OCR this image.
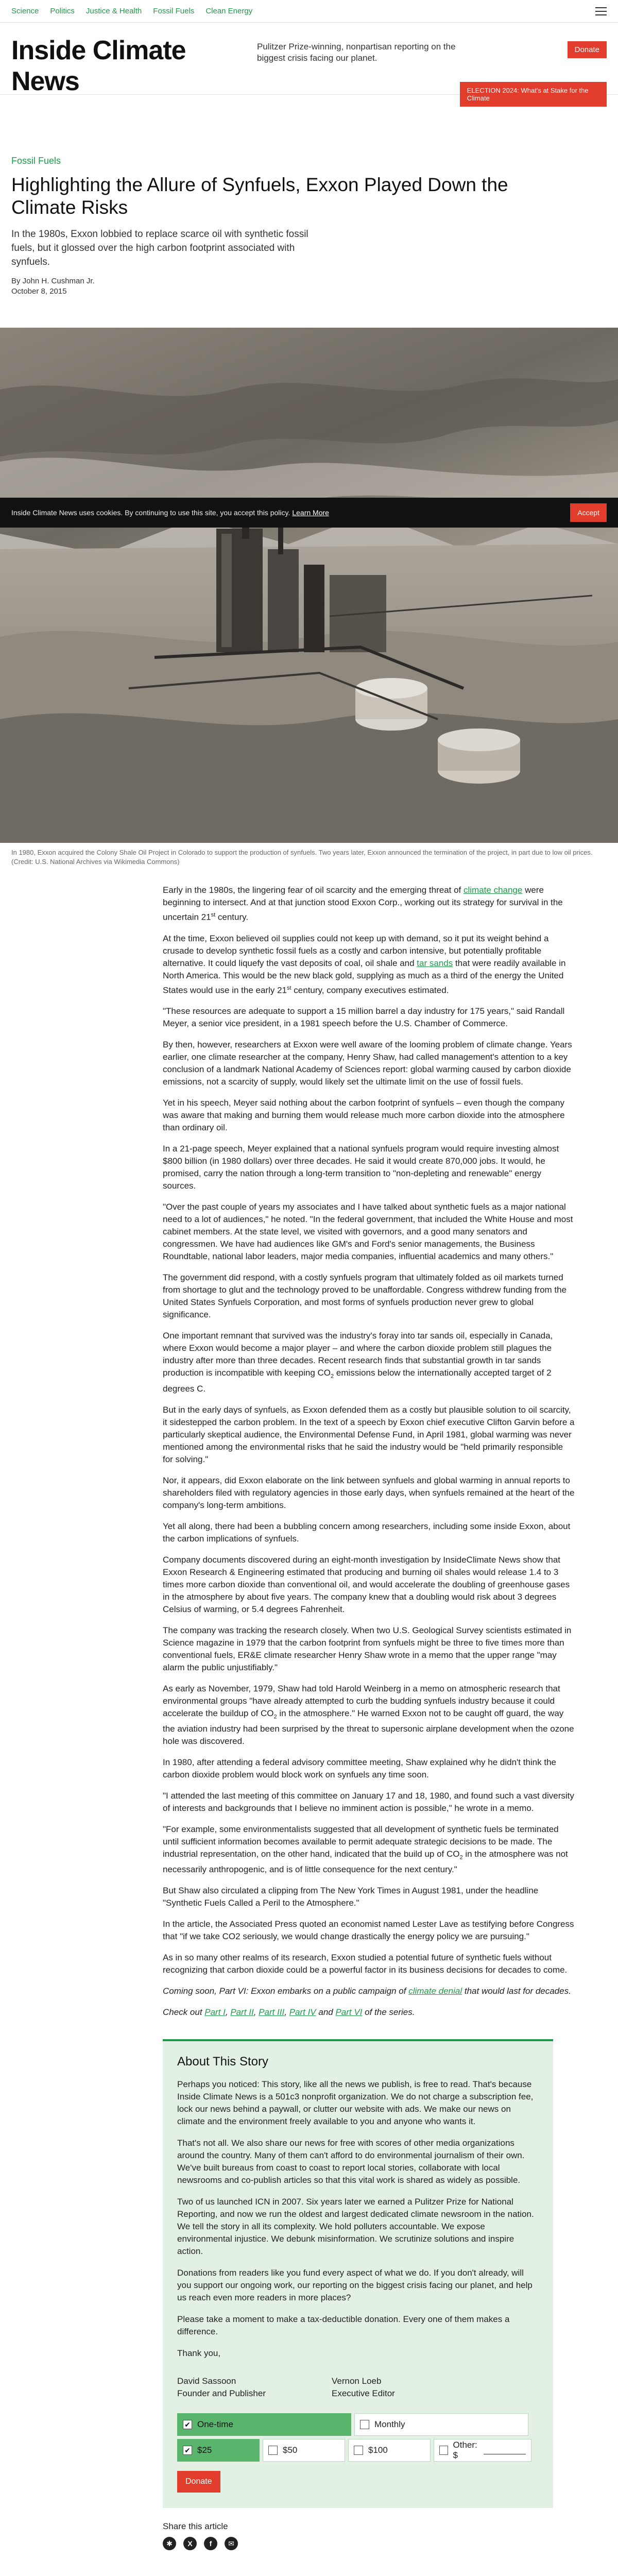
Science Politics Justice & Health Fossil Fuels Clean Energy
Inside Climate News
Pulitzer Prize-winning, nonpartisan reporting on the biggest crisis facing our planet.
Donate
ELECTION 2024: What's at Stake for the Climate
Fossil Fuels
Highlighting the Allure of Synfuels, Exxon Played Down the Climate Risks

In the 1980s, Exxon lobbied to replace scarce oil with synthetic fossil fuels, but it glossed over the high carbon footprint associated with synfuels.

By John H. Cushman Jr.
October 8, 2015
Inside Climate News uses cookies. By continuing to use this site, you accept this policy. Learn More	Accept

In 1980, Exxon acquired the Colony Shale Oil Project in Colorado to support the production of synfuels. Two years later, Exxon announced the termination of the project, in part due to low oil prices. (Credit: U.S. National Archives via Wikimedia Commons)

Early in the 1980s, the lingering fear of oil scarcity and the emerging threat of climate change were beginning to intersect. And at that junction stood Exxon Corp., working out its strategy for survival in the uncertain 21st century.

At the time, Exxon believed oil supplies could not keep up with demand, so it put its weight behind a crusade to develop synthetic fossil fuels as a costly and carbon intensive, but potentially profitable alternative. It could liquefy the vast deposits of coal, oil shale and tar sands that were readily available in North America. This would be the new black gold, supplying as much as a third of the energy the United States would use in the early 21st century, company executives estimated.

"These resources are adequate to support a 15 million barrel a day industry for 175 years," said Randall Meyer, a senior vice president, in a 1981 speech before the U.S. Chamber of Commerce.

By then, however, researchers at Exxon were well aware of the looming problem of climate change. Years earlier, one climate researcher at the company, Henry Shaw, had called management's attention to a key conclusion of a landmark National Academy of Sciences report: global warming caused by carbon dioxide emissions, not a scarcity of supply, would likely set the ultimate limit on the use of fossil fuels.

Yet in his speech, Meyer said nothing about the carbon footprint of synfuels – even though the company was aware that making and burning them would release much more carbon dioxide into the atmosphere than ordinary oil.

In a 21-page speech, Meyer explained that a national synfuels program would require investing almost $800 billion (in 1980 dollars) over three decades. He said it would create 870,000 jobs. It would, he promised, carry the nation through a long-term transition to "non-depleting and renewable" energy sources.

"Over the past couple of years my associates and I have talked about synthetic fuels as a major national need to a lot of audiences," he noted. "In the federal government, that included the White House and most cabinet members. At the state level, we visited with governors, and a good many senators and congressmen. We have had audiences like GM's and Ford's senior managements, the Business Roundtable, national labor leaders, major media companies, influential academics and many others."

The government did respond, with a costly synfuels program that ultimately folded as oil markets turned from shortage to glut and the technology proved to be unaffordable. Congress withdrew funding from the United States Synfuels Corporation, and most forms of synfuels production never grew to global significance.

One important remnant that survived was the industry's foray into tar sands oil, especially in Canada, where Exxon would become a major player – and where the carbon dioxide problem still plagues the industry after more than three decades. Recent research finds that substantial growth in tar sands production is incompatible with keeping $CO_2$ emissions below the internationally accepted target of 2 degrees C.

But in the early days of synfuels, as Exxon defended them as a costly but plausible solution to oil scarcity, it sidestepped the carbon problem. In the text of a speech by Exxon chief executive Clifton Garvin before a particularly skeptical audience, the Environmental Defense Fund, in April 1981, global warming was never mentioned among the environmental risks that he said the industry would be "held primarily responsible for solving."

Nor, it appears, did Exxon elaborate on the link between synfuels and global warming in annual reports to shareholders filed with regulatory agencies in those early days, when synfuels remained at the heart of the company's long-term ambitions.

Yet all along, there had been a bubbling concern among researchers, including some inside Exxon, about the carbon implications of synfuels.

Company documents discovered during an eight-month investigation by InsideClimate News show that Exxon Research & Engineering estimated that producing and burning oil shales would release 1.4 to 3 times more carbon dioxide than conventional oil, and would accelerate the doubling of greenhouse gases in the atmosphere by about five years. The company knew that a doubling would risk about 3 degrees Celsius of warming, or 5.4 degrees Fahrenheit.

The company was tracking the research closely. When two U.S. Geological Survey scientists estimated in Science magazine in 1979 that the carbon footprint from synfuels might be three to five times more than conventional fuels, ER&E climate researcher Henry Shaw wrote in a memo that the upper range "may alarm the public unjustifiably."

As early as November, 1979, Shaw had told Harold Weinberg in a memo on atmospheric research that environmental groups "have already attempted to curb the budding synfuels industry because it could accelerate the buildup of $CO_2$ in the atmosphere." He warned Exxon not to be caught off guard, the way the aviation industry had been surprised by the threat to supersonic airplane development when the ozone hole was discovered.

In 1980, after attending a federal advisory committee meeting, Shaw explained why he didn't think the carbon dioxide problem would block work on synfuels any time soon.

"I attended the last meeting of this committee on January 17 and 18, 1980, and found such a vast diversity of interests and backgrounds that I believe no imminent action is possible," he wrote in a memo.

"For example, some environmentalists suggested that all development of synthetic fuels be terminated until sufficient information becomes available to permit adequate strategic decisions to be made. The industrial representation, on the other hand, indicated that the build up of $CO_2$ in the atmosphere was not necessarily anthropogenic, and is of little consequence for the next century."

But Shaw also circulated a clipping from The New York Times in August 1981, under the headline "Synthetic Fuels Called a Peril to the Atmosphere."

In the article, the Associated Press quoted an economist named Lester Lave as testifying before Congress that "if we take CO2 seriously, we would change drastically the energy policy we are pursuing."

As in so many other realms of its research, Exxon studied a potential future of synthetic fuels without recognizing that carbon dioxide could be a powerful factor in its business decisions for decades to come.

Coming soon, Part VI: Exxon embarks on a public campaign of climate denial that would last for decades.

Check out Part I, Part II, Part III, Part IV and Part VI of the series.

About This Story

Perhaps you noticed: This story, like all the news we publish, is free to read. That's because Inside Climate News is a 501c3 nonprofit organization. We do not charge a subscription fee, lock our news behind a paywall, or clutter our website with ads. We make our news on climate and the environment freely available to you and anyone who wants it.

That's not all. We also share our news for free with scores of other media organizations around the country. Many of them can't afford to do environmental journalism of their own. We've built bureaus from coast to coast to report local stories, collaborate with local newsrooms and co-publish articles so that this vital work is shared as widely as possible.

Two of us launched ICN in 2007. Six years later we earned a Pulitzer Prize for National Reporting, and now we run the oldest and largest dedicated climate newsroom in the nation. We tell the story in all its complexity. We hold polluters accountable. We expose environmental injustice. We debunk misinformation. We scrutinize solutions and inspire action.

Donations from readers like you fund every aspect of what we do. If you don't already, will you support our ongoing work, our reporting on the biggest crisis facing our planet, and help us reach even more readers in more places?

Please take a moment to make a tax-deductible donation. Every one of them makes a difference.

Thank you,

David Sassoon
Founder and Publisher
Vernon Loeb
Executive Editor
✔ One-time	Monthly
✔ $25	$50	$100
Other: $
Donate
Share this article
✱	X	f	✉
